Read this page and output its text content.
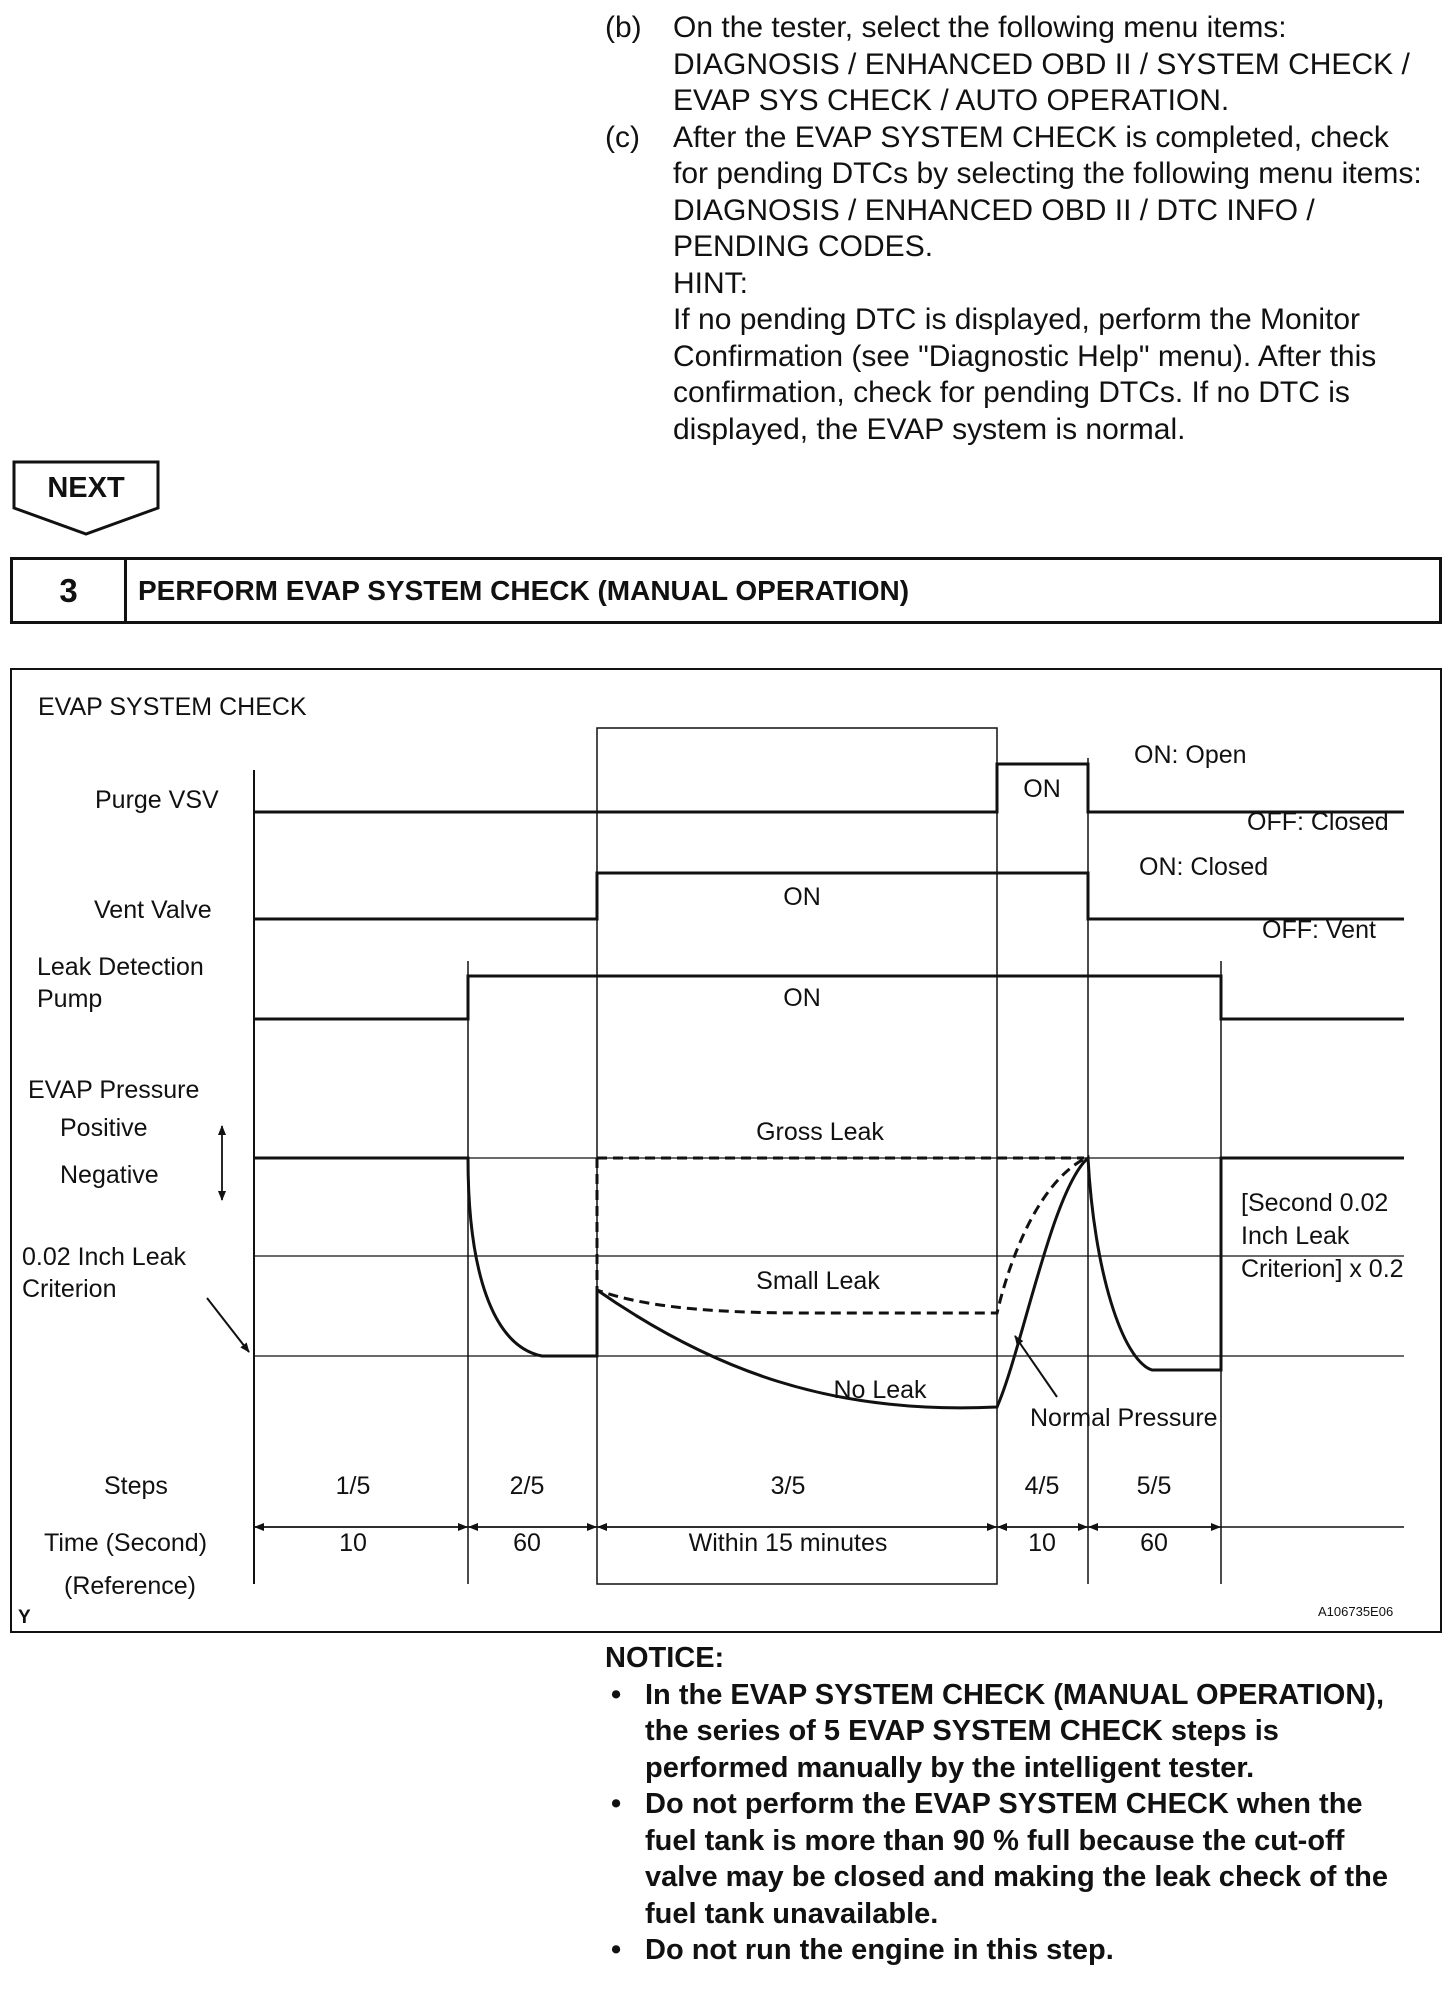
(b) On the tester, select the following menu items:
DIAGNOSIS / ENHANCED OBD II / SYSTEM CHECK /
EVAP SYS CHECK / AUTO OPERATION.
(c) After the EVAP SYSTEM CHECK is completed, check
for pending DTCs by selecting the following menu items:
DIAGNOSIS / ENHANCED OBD II / DTC INFO /
PENDING CODES.
HINT:
If no pending DTC is displayed, perform the Monitor
Confirmation (see "Diagnostic Help" menu). After this
confirmation, check for pending DTCs. If no DTC is
displayed, the EVAP system is normal.
NEXT
3	PERFORM EVAP SYSTEM CHECK (MANUAL OPERATION)
EVAP SYSTEM CHECK
Purge VSV
Vent Valve
Leak Detection
Pump
EVAP Pressure
Positive
Negative
0.02 Inch Leak
Criterion
ON
ON: Open
OFF: Closed
ON
ON: Closed
OFF: Vent
ON
Gross Leak
Small Leak
No Leak
Normal Pressure
[Second 0.02
Inch Leak
Criterion] x 0.2
Steps	1/5	2/5	3/5	4/5	5/5
Time (Second)	10	60	Within 15 minutes	10	60
(Reference)
Y	A106735E06
NOTICE:
• In the EVAP SYSTEM CHECK (MANUAL OPERATION),
the series of 5 EVAP SYSTEM CHECK steps is
performed manually by the intelligent tester.
• Do not perform the EVAP SYSTEM CHECK when the
fuel tank is more than 90 % full because the cut-off
valve may be closed and making the leak check of the
fuel tank unavailable.
• Do not run the engine in this step.
